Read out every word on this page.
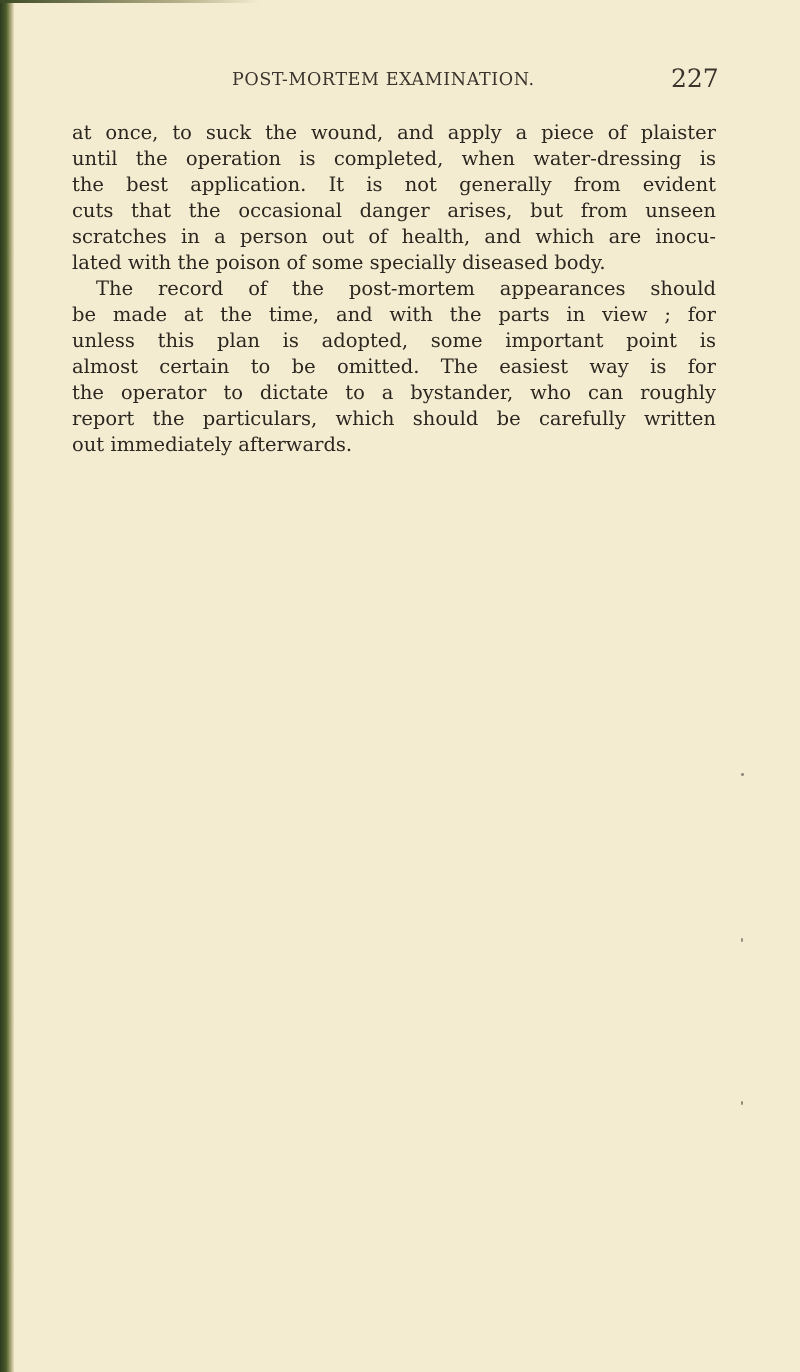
POST-MORTEM EXAMINATION.	227
at once, to suck the wound, and apply a piece of plaister
until the operation is completed, when water-dressing is
the best application. It is not generally from evident
cuts that the occasional danger arises, but from unseen
scratches in a person out of health, and which are inocu-
lated with the poison of some specially diseased body.
The record of the post-mortem appearances should
be made at the time, and with the parts in view ; for
unless this plan is adopted, some important point is
almost certain to be omitted. The easiest way is for
the operator to dictate to a bystander, who can roughly
report the particulars, which should be carefully written
out immediately afterwards.
